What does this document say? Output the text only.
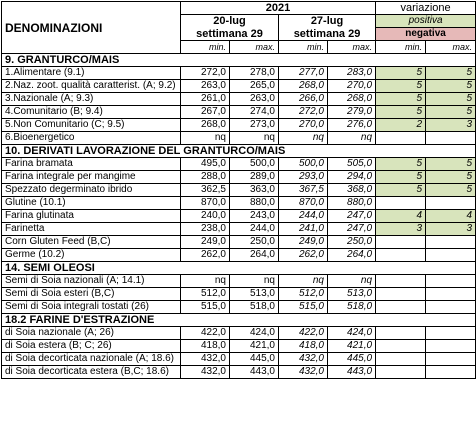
DENOMINAZIONI	2021				variazione	
	20-lug		27-lug		positiva	
	settimana 29		settimana 29		negativa	
	min.	max.	min.	max.	min.	max.
9. GRANTURCO/MAIS						
1.Alimentare (9.1)	272,0	278,0	277,0	283,0	5	5
2.Naz. zoot. qualità caratterist. (A; 9.2)	263,0	265,0	268,0	270,0	5	5
3.Nazionale (A; 9.3)	261,0	263,0	266,0	268,0	5	5
4.Comunitario (B; 9.4)	267,0	274,0	272,0	279,0	5	5
5.Non Comunitario (C; 9.5)	268,0	273,0	270,0	276,0	2	3
6.Bioenergetico	nq	nq	nq	nq		
10. DERIVATI LAVORAZIONE DEL GRANTURCO/MAIS						
Farina bramata	495,0	500,0	500,0	505,0	5	5
Farina integrale per mangime	288,0	289,0	293,0	294,0	5	5
Spezzato degerminato ibrido	362,5	363,0	367,5	368,0	5	5
Glutine (10.1)	870,0	880,0	870,0	880,0		
Farina glutinata	240,0	243,0	244,0	247,0	4	4
Farinetta	238,0	244,0	241,0	247,0	3	3
Corn Gluten Feed (B,C)	249,0	250,0	249,0	250,0		
Germe (10.2)	262,0	264,0	262,0	264,0		
14. SEMI OLEOSI						
Semi di Soia nazionali (A; 14.1)	nq	nq	nq	nq		
Semi di Soia esteri (B,C)	512,0	513,0	512,0	513,0		
Semi di Soia integrali tostati (26)	515,0	518,0	515,0	518,0		
18.2 FARINE D'ESTRAZIONE						
di Soia nazionale (A; 26)	422,0	424,0	422,0	424,0		
di Soia estera (B; C; 26)	418,0	421,0	418,0	421,0		
di Soia decorticata nazionale (A; 18.6)	432,0	445,0	432,0	445,0		
di Soia decorticata estera (B,C; 18.6)	432,0	443,0	432,0	443,0		
